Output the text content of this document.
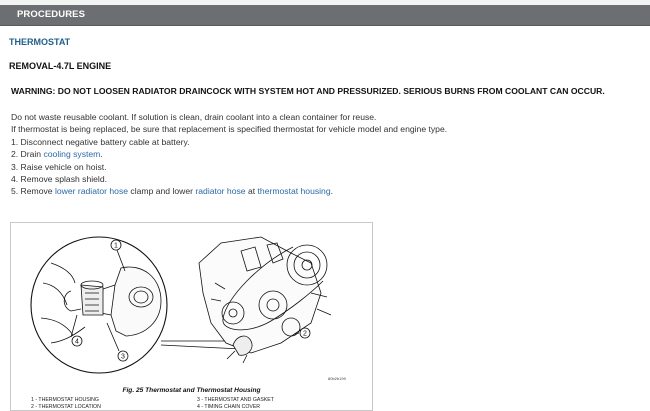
PROCEDURES
THERMOSTAT
REMOVAL-4.7L ENGINE
WARNING: DO NOT LOOSEN RADIATOR DRAINCOCK WITH SYSTEM HOT AND PRESSURIZED. SERIOUS BURNS FROM COOLANT CAN OCCUR.
Do not waste reusable coolant. If solution is clean, drain coolant into a clean container for reuse.
If thermostat is being replaced, be sure that replacement is specified thermostat for vehicle model and engine type.
1. Disconnect negative battery cable at battery.
2. Drain cooling system.
3. Raise vehicle on hoist.
4. Remove splash shield.
5. Remove lower radiator hose clamp and lower radiator hose at thermostat housing.
1
4
3
2
80b2b199
Fig. 25 Thermostat and Thermostat Housing
1 - THERMOSTAT HOUSING
2 - THERMOSTAT LOCATION
3 - THERMOSTAT AND GASKET
4 - TIMING CHAIN COVER
